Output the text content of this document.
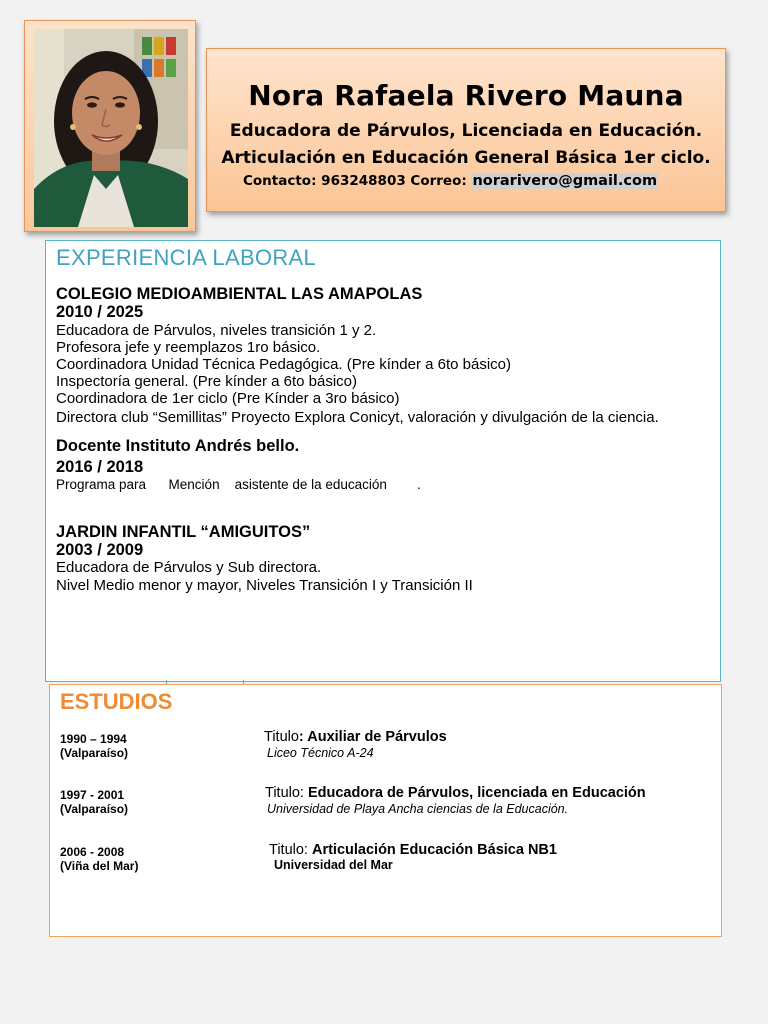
Nora Rafaela Rivero Mauna
Educadora de Párvulos, Licenciada en Educación.
Articulación en Educación General Básica 1er ciclo.
Contacto: 963248803 Correo: norarivero@gmail.com
EXPERIENCIA LABORAL
COLEGIO MEDIOAMBIENTAL LAS AMAPOLAS
2010 / 2025
Educadora de Párvulos, niveles transición 1 y 2.
Profesora jefe y reemplazos 1ro básico.
Coordinadora Unidad Técnica Pedagógica. (Pre kínder a 6to básico)
Inspectoría general. (Pre kínder a 6to básico)
Coordinadora de 1er ciclo (Pre Kínder a 3ro básico)
Directora club “Semillitas” Proyecto Explora Conicyt, valoración y divulgación de la ciencia.
Docente Instituto Andrés bello.
2016 / 2018
Programa para      Mención    asistente de la educación        .
JARDIN INFANTIL “AMIGUITOS”
2003 / 2009
Educadora de Párvulos y Sub directora.
Nivel Medio menor y mayor, Niveles Transición I y Transición II
ESTUDIOS
1990 – 1994
(Valparaíso)
Titulo: Auxiliar de Párvulos
Liceo Técnico A-24
1997 - 2001
(Valparaíso)
Titulo: Educadora de Párvulos, licenciada en Educación
Universidad de Playa Ancha ciencias de la Educación.
2006 - 2008
(Viña del Mar)
Titulo: Articulación Educación Básica NB1
Universidad del Mar
